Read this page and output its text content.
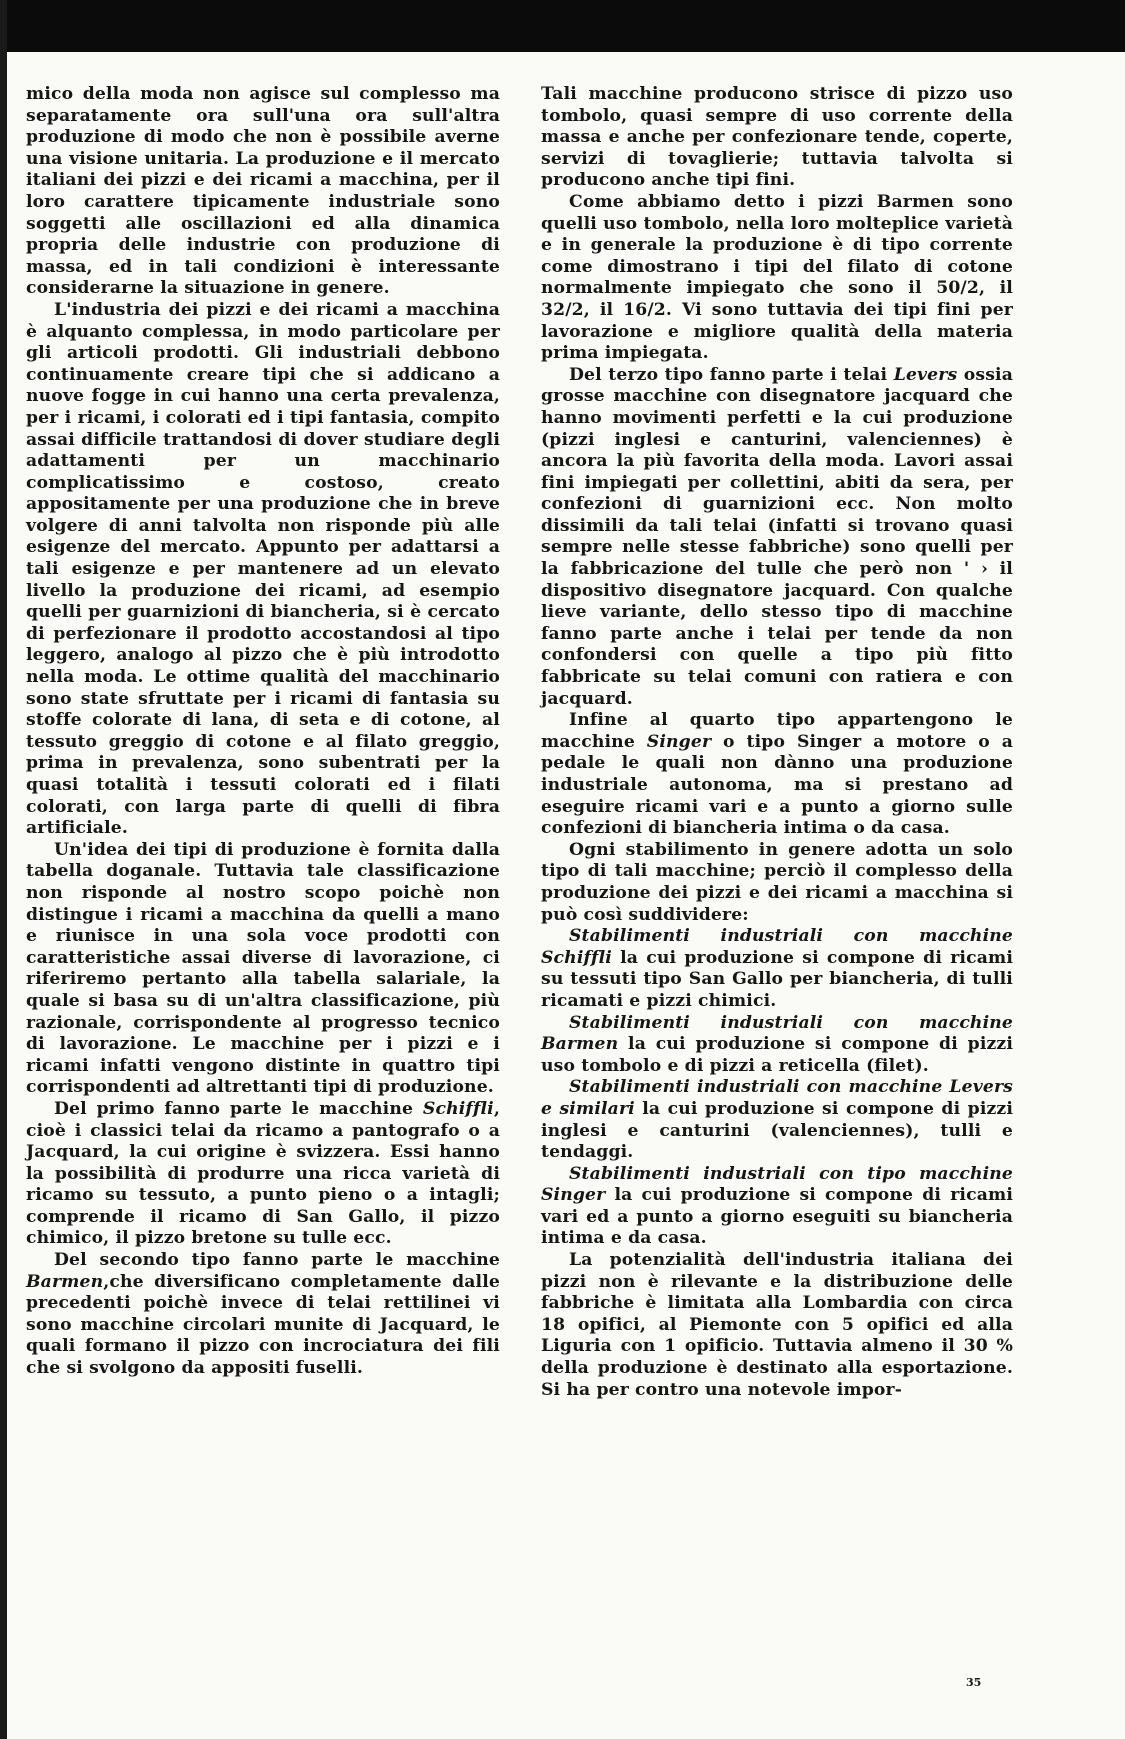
mico della moda non agisce sul complesso ma separatamente ora sull'una ora sull'altra produzione di modo che non è possibile averne una visione unitaria. La produzione e il mercato italiani dei pizzi e dei ricami a macchina, per il loro carattere tipicamente industriale sono soggetti alle oscillazioni ed alla dinamica propria delle industrie con produzione di massa, ed in tali condizioni è interessante considerarne la situazione in genere.

L'industria dei pizzi e dei ricami a macchina è alquanto complessa, in modo particolare per gli articoli prodotti. Gli industriali debbono continuamente creare tipi che si addicano a nuove fogge in cui hanno una certa prevalenza, per i ricami, i colorati ed i tipi fantasia, compito assai difficile trattandosi di dover studiare degli adattamenti per un macchinario complicatissimo e costoso, creato appositamente per una produzione che in breve volgere di anni talvolta non risponde più alle esigenze del mercato. Appunto per adattarsi a tali esigenze e per mantenere ad un elevato livello la produzione dei ricami, ad esempio quelli per guarnizioni di biancheria, si è cercato di perfezionare il prodotto accostandosi al tipo leggero, analogo al pizzo che è più introdotto nella moda. Le ottime qualità del macchinario sono state sfruttate per i ricami di fantasia su stoffe colorate di lana, di seta e di cotone, al tessuto greggio di cotone e al filato greggio, prima in prevalenza, sono subentrati per la quasi totalità i tessuti colorati ed i filati colorati, con larga parte di quelli di fibra artificiale.

Un'idea dei tipi di produzione è fornita dalla tabella doganale. Tuttavia tale classificazione non risponde al nostro scopo poichè non distingue i ricami a macchina da quelli a mano e riunisce in una sola voce prodotti con caratteristiche assai diverse di lavorazione, ci riferiremo pertanto alla tabella salariale, la quale si basa su di un'altra classificazione, più razionale, corrispondente al progresso tecnico di lavorazione. Le macchine per i pizzi e i ricami infatti vengono distinte in quattro tipi corrispondenti ad altrettanti tipi di produzione.

Del primo fanno parte le macchine Schiffli, cioè i classici telai da ricamo a pantografo o a Jacquard, la cui origine è svizzera. Essi hanno la possibilità di produrre una ricca varietà di ricamo su tessuto, a punto pieno o a intagli; comprende il ricamo di San Gallo, il pizzo chimico, il pizzo bretone su tulle ecc.

Del secondo tipo fanno parte le macchine Barmen,che diversificano completamente dalle precedenti poichè invece di telai rettilinei vi sono macchine circolari munite di Jacquard, le quali formano il pizzo con incrociatura dei fili che si svolgono da appositi fuselli.

Tali macchine producono strisce di pizzo uso tombolo, quasi sempre di uso corrente della massa e anche per confezionare tende, coperte, servizi di tovaglierie; tuttavia talvolta si producono anche tipi fini.

Come abbiamo detto i pizzi Barmen sono quelli uso tombolo, nella loro molteplice varietà e in generale la produzione è di tipo corrente come dimostrano i tipi del filato di cotone normalmente impiegato che sono il 50/2, il 32/2, il 16/2. Vi sono tuttavia dei tipi fini per lavorazione e migliore qualità della materia prima impiegata.

Del terzo tipo fanno parte i telai Levers ossia grosse macchine con disegnatore jacquard che hanno movimenti perfetti e la cui produzione (pizzi inglesi e canturini, valenciennes) è ancora la più favorita della moda. Lavori assai fini impiegati per collettini, abiti da sera, per confezioni di guarnizioni ecc. Non molto dissimili da tali telai (infatti si trovano quasi sempre nelle stesse fabbriche) sono quelli per la fabbricazione del tulle che però non ' › il dispositivo disegnatore jacquard. Con qualche lieve variante, dello stesso tipo di macchine fanno parte anche i telai per tende da non confondersi con quelle a tipo più fitto fabbricate su telai comuni con ratiera e con jacquard.

Infine al quarto tipo appartengono le macchine Singer o tipo Singer a motore o a pedale le quali non dànno una produzione industriale autonoma, ma si prestano ad eseguire ricami vari e a punto a giorno sulle confezioni di biancheria intima o da casa.

Ogni stabilimento in genere adotta un solo tipo di tali macchine; perciò il complesso della produzione dei pizzi e dei ricami a macchina si può così suddividere:

Stabilimenti industriali con macchine Schiffli la cui produzione si compone di ricami su tessuti tipo San Gallo per biancheria, di tulli ricamati e pizzi chimici.

Stabilimenti industriali con macchine Barmen la cui produzione si compone di pizzi uso tombolo e di pizzi a reticella (filet).

Stabilimenti industriali con macchine Levers e similari la cui produzione si compone di pizzi inglesi e canturini (valenciennes), tulli e tendaggi.

Stabilimenti industriali con tipo macchine Singer la cui produzione si compone di ricami vari ed a punto a giorno eseguiti su biancheria intima e da casa.

La potenzialità dell'industria italiana dei pizzi non è rilevante e la distribuzione delle fabbriche è limitata alla Lombardia con circa 18 opifici, al Piemonte con 5 opifici ed alla Liguria con 1 opificio. Tuttavia almeno il 30 % della produzione è destinato alla esportazione. Si ha per contro una notevole impor-

35
